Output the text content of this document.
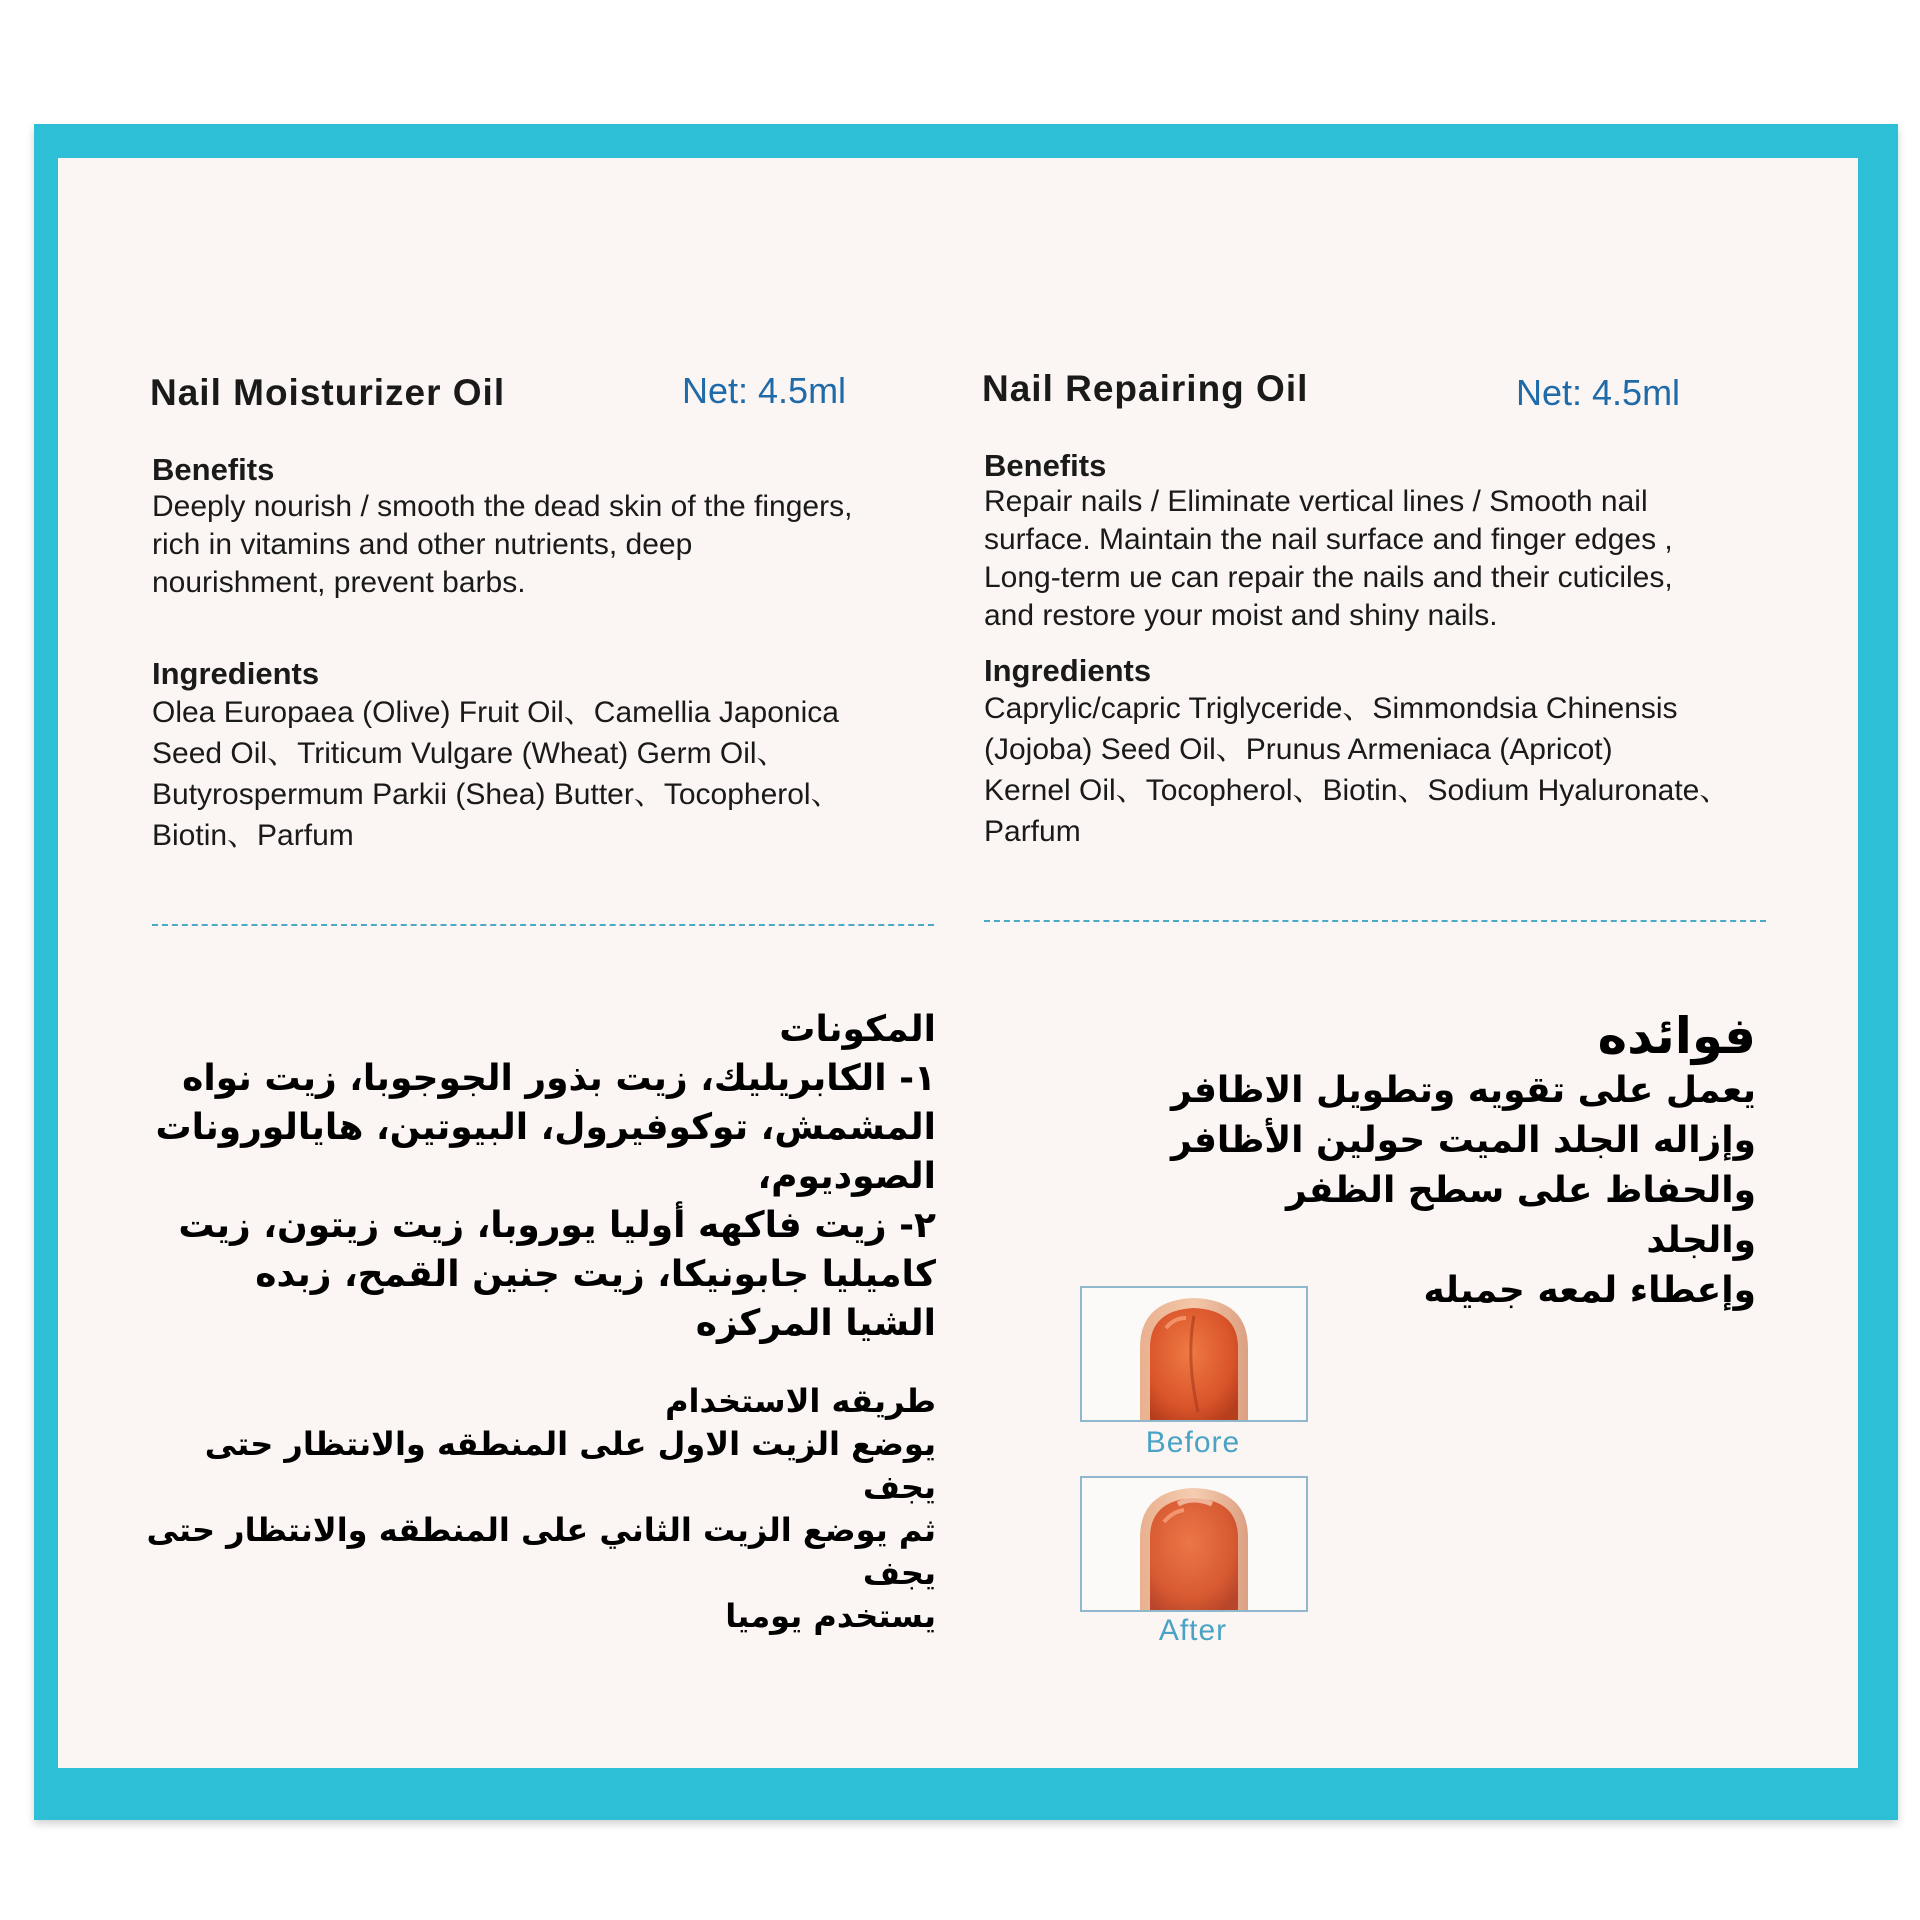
Nail Moisturizer Oil	Net: 4.5ml
Benefits
Deeply nourish / smooth the dead skin of the fingers,
rich in vitamins and other nutrients, deep
nourishment, prevent barbs.
Ingredients
Olea Europaea (Olive) Fruit Oil、Camellia Japonica
Seed Oil、Triticum Vulgare (Wheat) Germ Oil、
Butyrospermum Parkii (Shea) Butter、Tocopherol、
Biotin、Parfum
Nail Repairing Oil	Net: 4.5ml
Benefits
Repair nails / Eliminate vertical lines / Smooth nail
surface. Maintain the nail surface and finger edges ,
Long-term ue can repair the nails and their cuticiles,
and restore your moist and shiny nails.
Ingredients
Caprylic/capric Triglyceride、Simmondsia Chinensis
(Jojoba) Seed Oil、Prunus Armeniaca (Apricot)
Kernel Oil、Tocopherol、Biotin、Sodium Hyaluronate、
Parfum
المكونات
١- الكابريليك، زيت بذور الجوجوبا، زيت نواه
المشمش، توكوفيرول، البيوتين، هايالورونات
الصوديوم،
٢- زيت فاكهه أوليا يوروبا، زيت زيتون، زيت
كاميليا جابونيكا، زيت جنين القمح، زبده
الشيا المركزه
طريقه الاستخدام
يوضع الزيت الاول على المنطقه والانتظار حتى
يجف
ثم يوضع الزيت الثاني على المنطقه والانتظار حتى
يجف
يستخدم يوميا
فوائده
يعمل على تقويه وتطويل الاظافر
وإزاله الجلد الميت حولين الأظافر
والحفاظ على سطح الظفر
والجلد
وإعطاء لمعه جميله
Before
After
